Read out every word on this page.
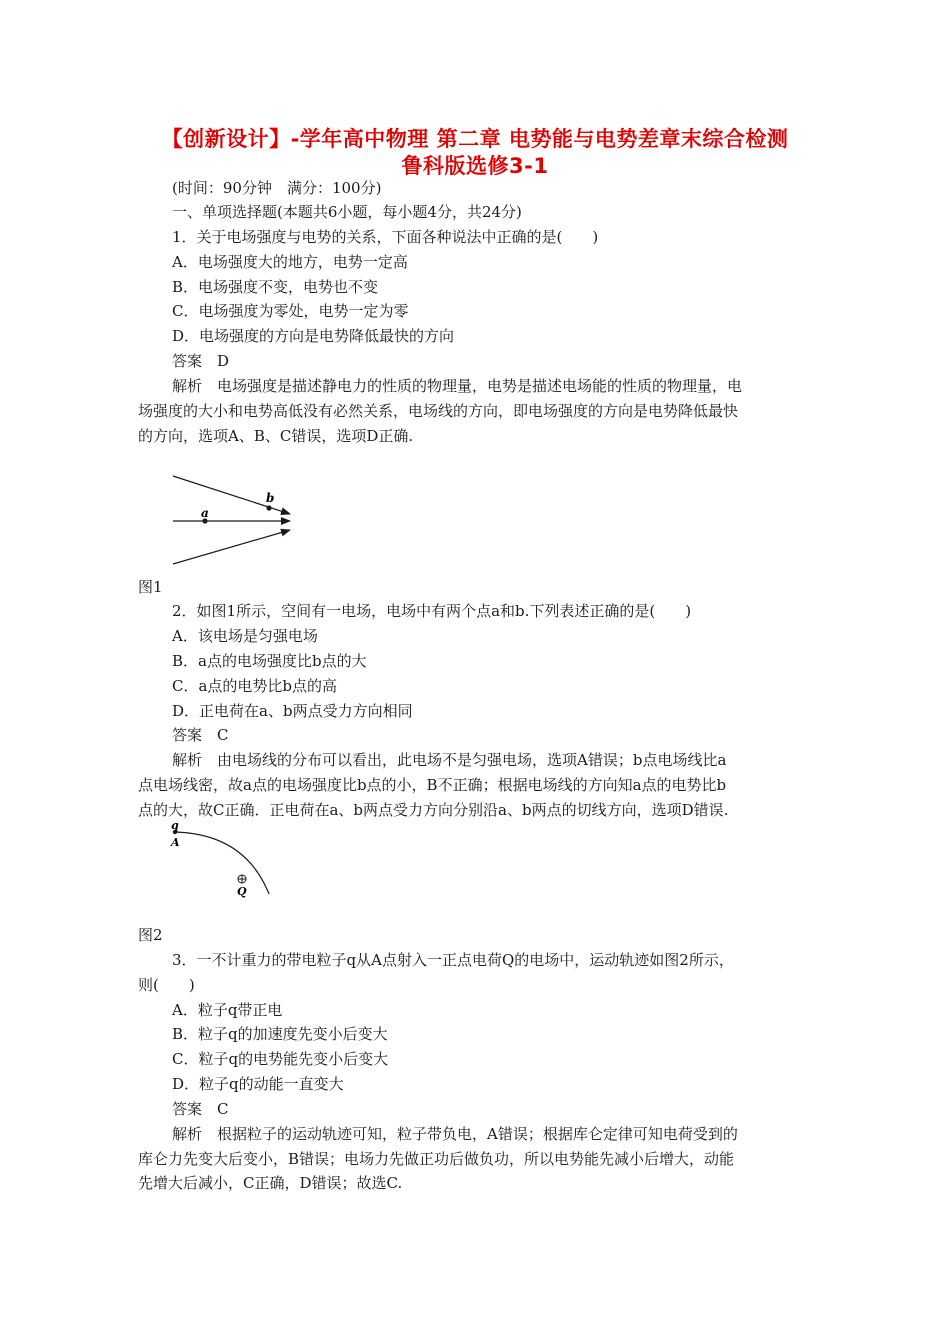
【创新设计】-学年高中物理 第二章 电势能与电势差章末综合检测
鲁科版选修3-1
(时间：90分钟　满分：100分)
一、单项选择题(本题共6小题，每小题4分，共24分)
1．关于电场强度与电势的关系，下面各种说法中正确的是(　　)
A．电场强度大的地方，电势一定高
B．电场强度不变，电势也不变
C．电场强度为零处，电势一定为零
D．电场强度的方向是电势降低最快的方向
答案　D
解析　电场强度是描述静电力的性质的物理量，电势是描述电场能的性质的物理量，电
场强度的大小和电势高低没有必然关系，电场线的方向，即电场强度的方向是电势降低最快
的方向，选项A、B、C错误，选项D正确.
a
b
图1
2．如图1所示，空间有一电场，电场中有两个点a和b.下列表述正确的是(　　)
A．该电场是匀强电场
B．a点的电场强度比b点的大
C．a点的电势比b点的高
D．正电荷在a、b两点受力方向相同
答案　C
解析　由电场线的分布可以看出，此电场不是匀强电场，选项A错误；b点电场线比a
点电场线密，故a点的电场强度比b点的小，B不正确；根据电场线的方向知a点的电势比b
点的大，故C正确．正电荷在a、b两点受力方向分别沿a、b两点的切线方向，选项D错误.
q
A
Q
图2
3．一不计重力的带电粒子q从A点射入一正点电荷Q的电场中，运动轨迹如图2所示，
则(　　)
A．粒子q带正电
B．粒子q的加速度先变小后变大
C．粒子q的电势能先变小后变大
D．粒子q的动能一直变大
答案　C
解析　根据粒子的运动轨迹可知，粒子带负电，A错误；根据库仑定律可知电荷受到的
库仑力先变大后变小，B错误；电场力先做正功后做负功，所以电势能先减小后增大，动能
先增大后减小，C正确，D错误；故选C.
